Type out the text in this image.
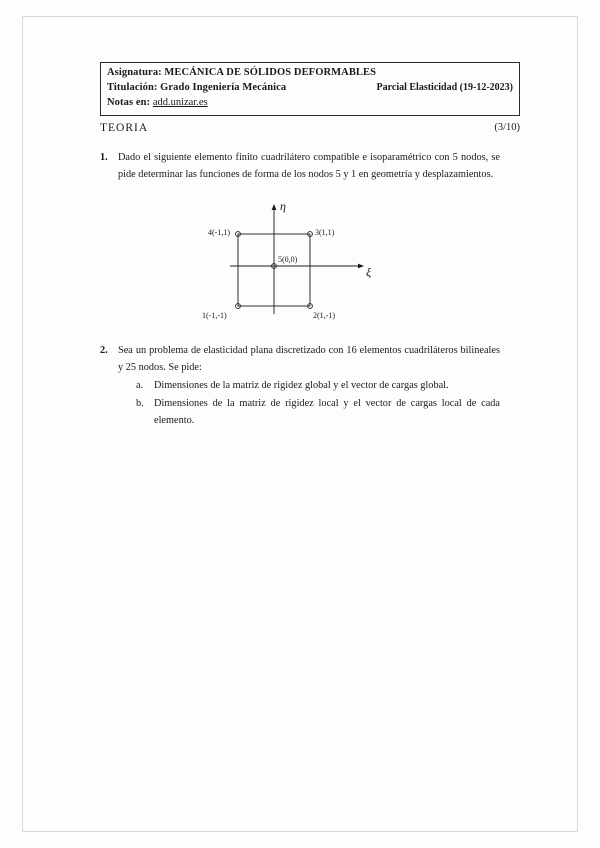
Asignatura: MECÁNICA DE SÓLIDOS DEFORMABLES
Titulación: Grado Ingeniería Mecánica	Parcial Elasticidad (19-12-2023)
Notas en: add.unizar.es
TEORIA	(3/10)
1. Dado el siguiente elemento finito cuadrilátero compatible e isoparamétrico con 5 nodos, se pide determinar las funciones de forma de los nodos 5 y 1 en geometría y desplazamientos.
4(-1,1)	3(1,1)
5(0,0)
1(-1,-1)	2(1,-1)
η
ξ
2. Sea un problema de elasticidad plana discretizado con 16 elementos cuadriláteros bilineales y 25 nodos. Se pide:
a. Dimensiones de la matriz de rigidez global y el vector de cargas global.
b. Dimensiones de la matriz de rigidez local y el vector de cargas local de cada elemento.
